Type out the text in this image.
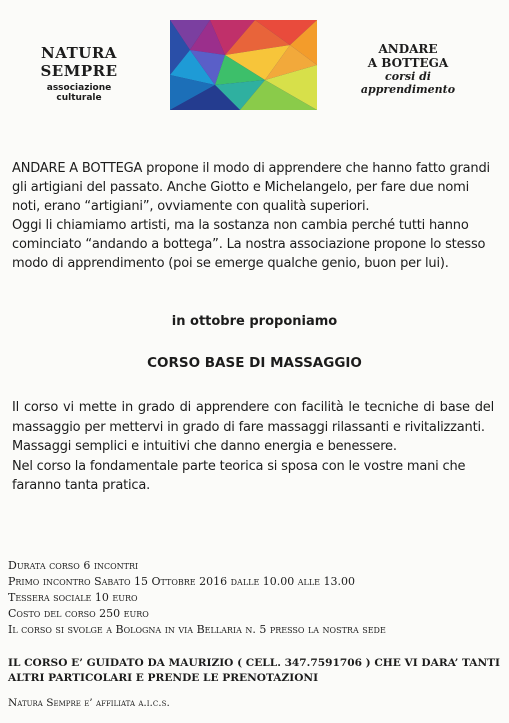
NATURA
SEMPRE
associazione culturale
ANDARE
A BOTTEGA
corsi di
apprendimento

ANDARE A BOTTEGA propone il modo di apprendere che hanno fatto grandi gli artigiani del passato. Anche Giotto e Michelangelo, per fare due nomi noti, erano “artigiani”, ovviamente con qualità superiori.

Oggi li chiamiamo artisti, ma la sostanza non cambia perché tutti hanno cominciato “andando a bottega”. La nostra associazione propone lo stesso modo di apprendimento (poi se emerge qualche genio, buon per lui).

in ottobre proponiamo
CORSO BASE DI MASSAGGIO

Il corso vi mette in grado di apprendere con facilità le tecniche di base del massaggio per mettervi in grado di fare massaggi rilassanti e rivitalizzanti.

Massaggi semplici e intuitivi che danno energia e benessere.

Nel corso la fondamentale parte teorica si sposa con le vostre mani che faranno tanta pratica.

Durata corso 6 incontri

Primo incontro Sabato 15 Ottobre 2016 dalle 10.00 alle 13.00

Tessera sociale 10 euro

Costo del corso 250 euro

Il corso si svolge a Bologna in via Bellaria n. 5 presso la nostra sede

IL CORSO E’ GUIDATO DA MAURIZIO ( CELL. 347.7591706 ) CHE VI DARA’ TANTI ALTRI PARTICOLARI E PRENDE LE PRENOTAZIONI
Natura Sempre e’ affiliata a.i.c.s.
